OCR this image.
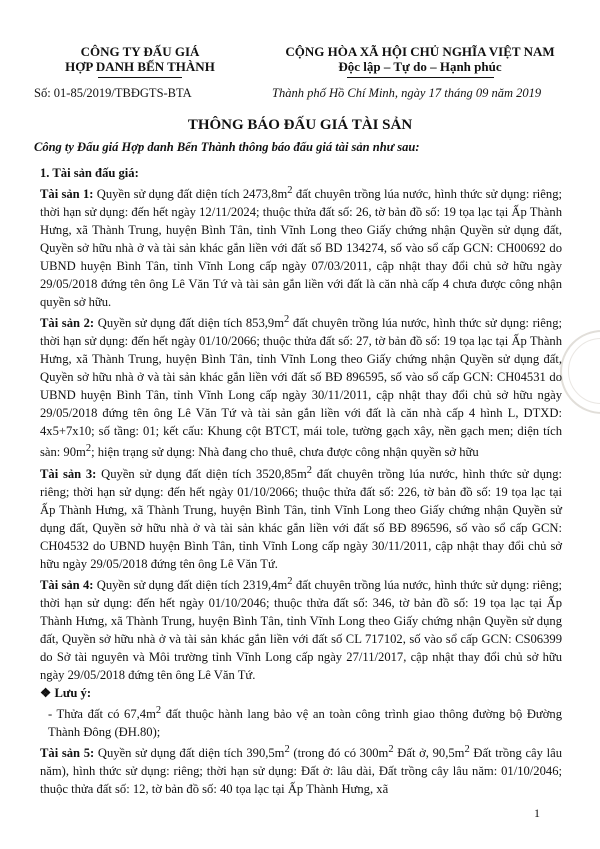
CÔNG TY ĐẤU GIÁ
HỢP DANH BẾN THÀNH
CỘNG HÒA XÃ HỘI CHỦ NGHĨA VIỆT NAM
Độc lập – Tự do – Hạnh phúc
Số: 01-85/2019/TBĐGTS-BTA	Thành phố Hồ Chí Minh, ngày 17 tháng 09 năm 2019
THÔNG BÁO ĐẤU GIÁ TÀI SẢN
Công ty Đấu giá Hợp danh Bến Thành thông báo đấu giá tài sản như sau:

1. Tài sản đấu giá:

Tài sản 1: Quyền sử dụng đất diện tích $2473,8m^2$ đất chuyên trồng lúa nước, hình thức sử dụng: riêng; thời hạn sử dụng: đến hết ngày 12/11/2024; thuộc thửa đất số: 26, tờ bản đồ số: 19 tọa lạc tại Ấp Thành Hưng, xã Thành Trung, huyện Bình Tân, tỉnh Vĩnh Long theo Giấy chứng nhận Quyền sử dụng đất, Quyền sở hữu nhà ở và tài sản khác gắn liền với đất số BD 134274, số vào sổ cấp GCN: CH00692 do UBND huyện Bình Tân, tỉnh Vĩnh Long cấp ngày 07/03/2011, cập nhật thay đổi chủ sở hữu ngày 29/05/2018 đứng tên ông Lê Văn Tứ và tài sản gắn liền với đất là căn nhà cấp 4 chưa được công nhận quyền sở hữu.

Tài sản 2: Quyền sử dụng đất diện tích $853,9m^2$ đất chuyên trồng lúa nước, hình thức sử dụng: riêng; thời hạn sử dụng: đến hết ngày 01/10/2066; thuộc thửa đất số: 27, tờ bản đồ số: 19 tọa lạc tại Ấp Thành Hưng, xã Thành Trung, huyện Bình Tân, tỉnh Vĩnh Long theo Giấy chứng nhận Quyền sử dụng đất, Quyền sở hữu nhà ở và tài sản khác gắn liền với đất số BĐ 896595, số vào sổ cấp GCN: CH04531 do UBND huyện Bình Tân, tỉnh Vĩnh Long cấp ngày 30/11/2011, cập nhật thay đổi chủ sở hữu ngày 29/05/2018 đứng tên ông Lê Văn Tứ và tài sản gắn liền với đất là căn nhà cấp 4 hình L, DTXD: 4x5+7x10; số tầng: 01; kết cấu: Khung cột BTCT, mái tole, tường gạch xây, nền gạch men; diện tích sàn: $90m^2$; hiện trạng sử dụng: Nhà đang cho thuê, chưa được công nhận quyền sở hữu

Tài sản 3: Quyền sử dụng đất diện tích $3520,85m^2$ đất chuyên trồng lúa nước, hình thức sử dụng: riêng; thời hạn sử dụng: đến hết ngày 01/10/2066; thuộc thửa đất số: 226, tờ bản đồ số: 19 tọa lạc tại Ấp Thành Hưng, xã Thành Trung, huyện Bình Tân, tỉnh Vĩnh Long theo Giấy chứng nhận Quyền sử dụng đất, Quyền sở hữu nhà ở và tài sản khác gắn liền với đất số BĐ 896596, số vào sổ cấp GCN: CH04532 do UBND huyện Bình Tân, tỉnh Vĩnh Long cấp ngày 30/11/2011, cập nhật thay đổi chủ sở hữu ngày 29/05/2018 đứng tên ông Lê Văn Tứ.

Tài sản 4: Quyền sử dụng đất diện tích $2319,4m^2$ đất chuyên trồng lúa nước, hình thức sử dụng: riêng; thời hạn sử dụng: đến hết ngày 01/10/2046; thuộc thửa đất số: 346, tờ bản đồ số: 19 tọa lạc tại Ấp Thành Hưng, xã Thành Trung, huyện Bình Tân, tỉnh Vĩnh Long theo Giấy chứng nhận Quyền sử dụng đất, Quyền sở hữu nhà ở và tài sản khác gắn liền với đất số CL 717102, số vào sổ cấp GCN: CS06399 do Sở tài nguyên và Môi trường tỉnh Vĩnh Long cấp ngày 27/11/2017, cập nhật thay đổi chủ sở hữu ngày 29/05/2018 đứng tên ông Lê Văn Tứ.

❖ Lưu ý:

- Thửa đất có $67,4m^2$ đất thuộc hành lang bảo vệ an toàn công trình giao thông đường bộ Đường Thành Đông (ĐH.80);

Tài sản 5: Quyền sử dụng đất diện tích $390,5m^2$ (trong đó có $300m^2$ Đất ở, $90,5m^2$ Đất trồng cây lâu năm), hình thức sử dụng: riêng; thời hạn sử dụng: Đất ở: lâu dài, Đất trồng cây lâu năm: 01/10/2046; thuộc thửa đất số: 12, tờ bản đồ số: 40 tọa lạc tại Ấp Thành Hưng, xã

1
